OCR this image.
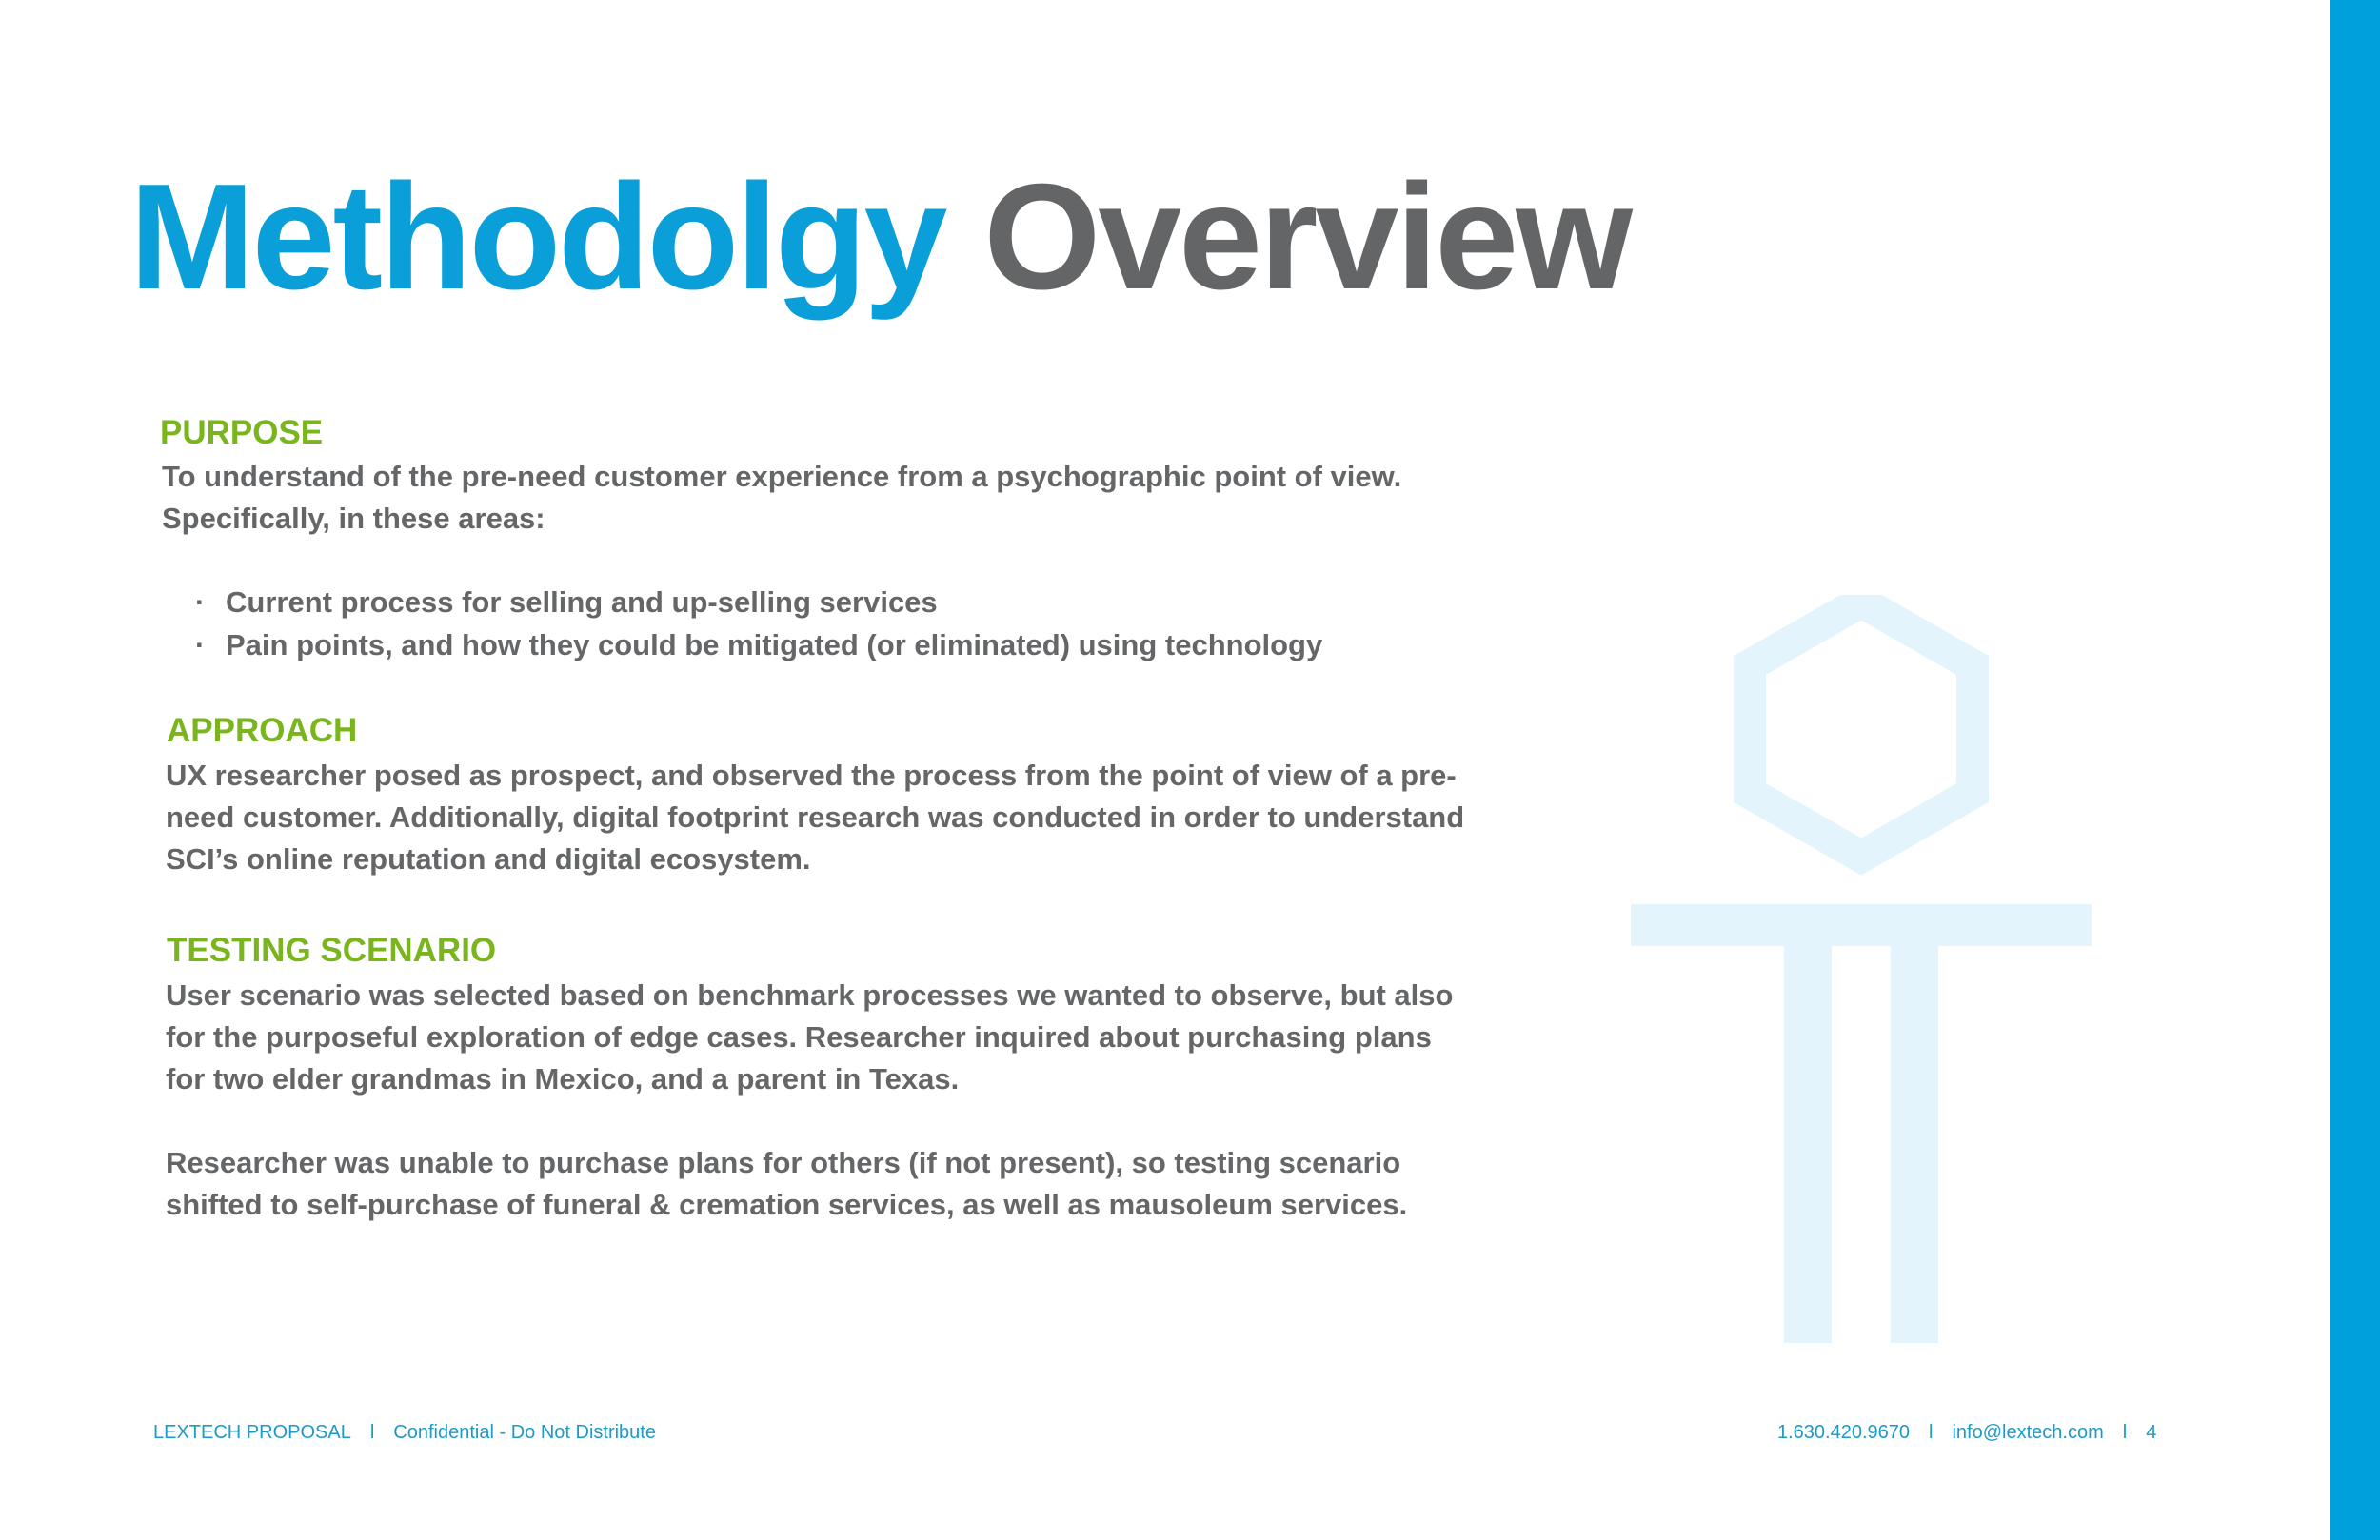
Methodolgy Overview
PURPOSE

To understand of the pre-need customer experience from a psychographic point of view.

Specifically, in these areas:

· Current process for selling and up-selling services
· Pain points, and how they could be mitigated (or eliminated) using technology
APPROACH

UX researcher posed as prospect, and observed the process from the point of view of a pre-

need customer. Additionally, digital footprint research was conducted in order to understand

SCI’s online reputation and digital ecosystem.

TESTING SCENARIO

User scenario was selected based on benchmark processes we wanted to observe, but also

for the purposeful exploration of edge cases. Researcher inquired about purchasing plans

for two elder grandmas in Mexico, and a parent in Texas.

Researcher was unable to purchase plans for others (if not present), so testing scenario

shifted to self-purchase of funeral & cremation services, as well as mausoleum services.

LEXTECH PROPOSAL l Confidential - Do Not Distribute	1.630.420.9670 l info@lextech.com l 4
